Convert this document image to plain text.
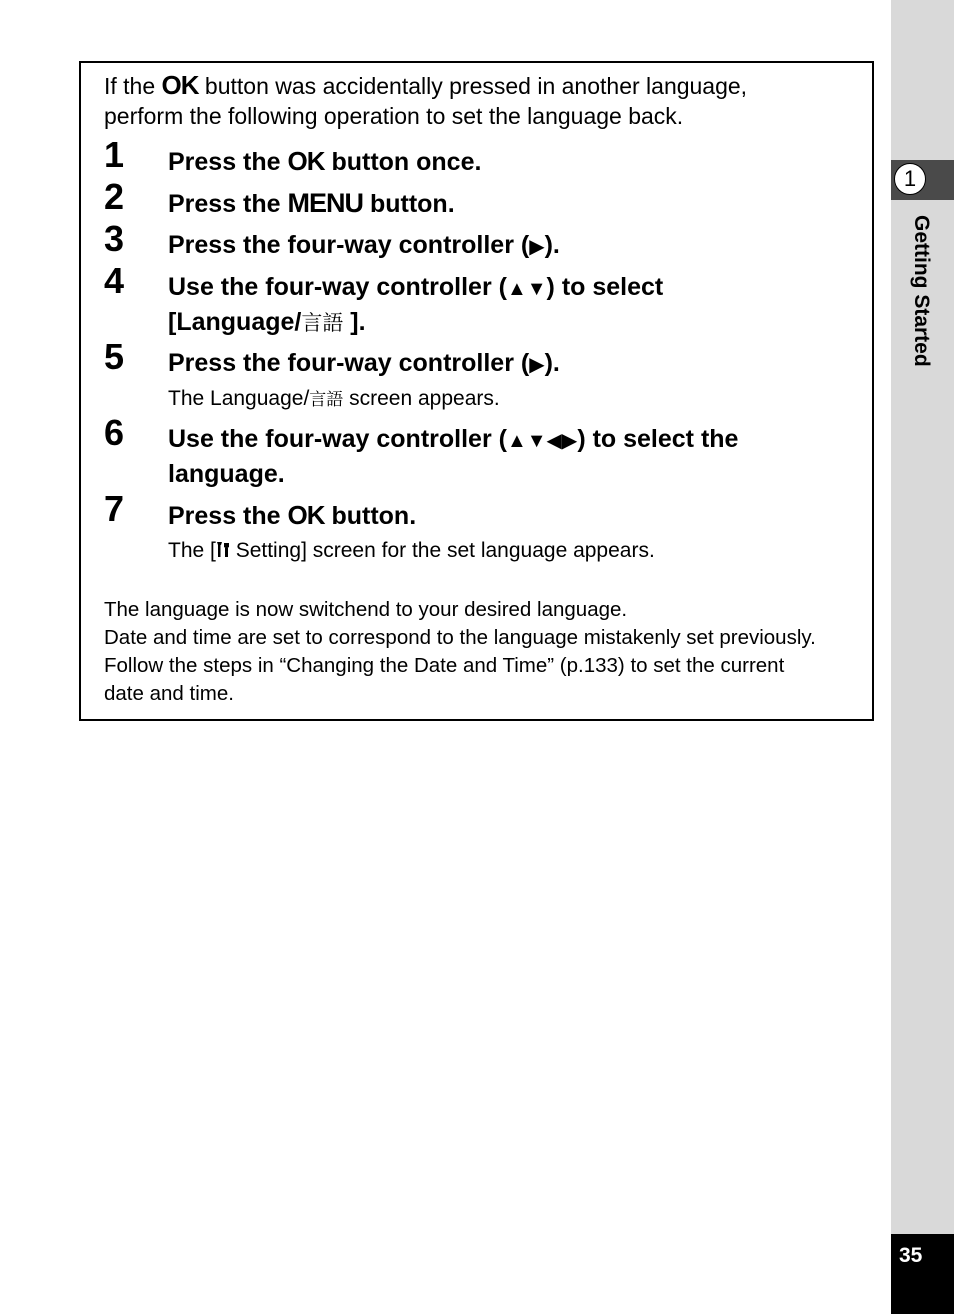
If the OK button was accidentally pressed in another language,
perform the following operation to set the language back.
1 Press the OK button once.
2 Press the MENU button.
3 Press the four-way controller (▶).
4 Use the four-way controller (▲▼) to select
[Language/言語 ].
5 Press the four-way controller (▶).
The Language/言語 screen appears.
6 Use the four-way controller (▲▼◀▶) to select the
language.
7 Press the OK button.
The [ Setting] screen for the set language appears.
The language is now switchend to your desired language.
Date and time are set to correspond to the language mistakenly set previously.
Follow the steps in “Changing the Date and Time” (p.133) to set the current
date and time.
1
Getting Started
35
